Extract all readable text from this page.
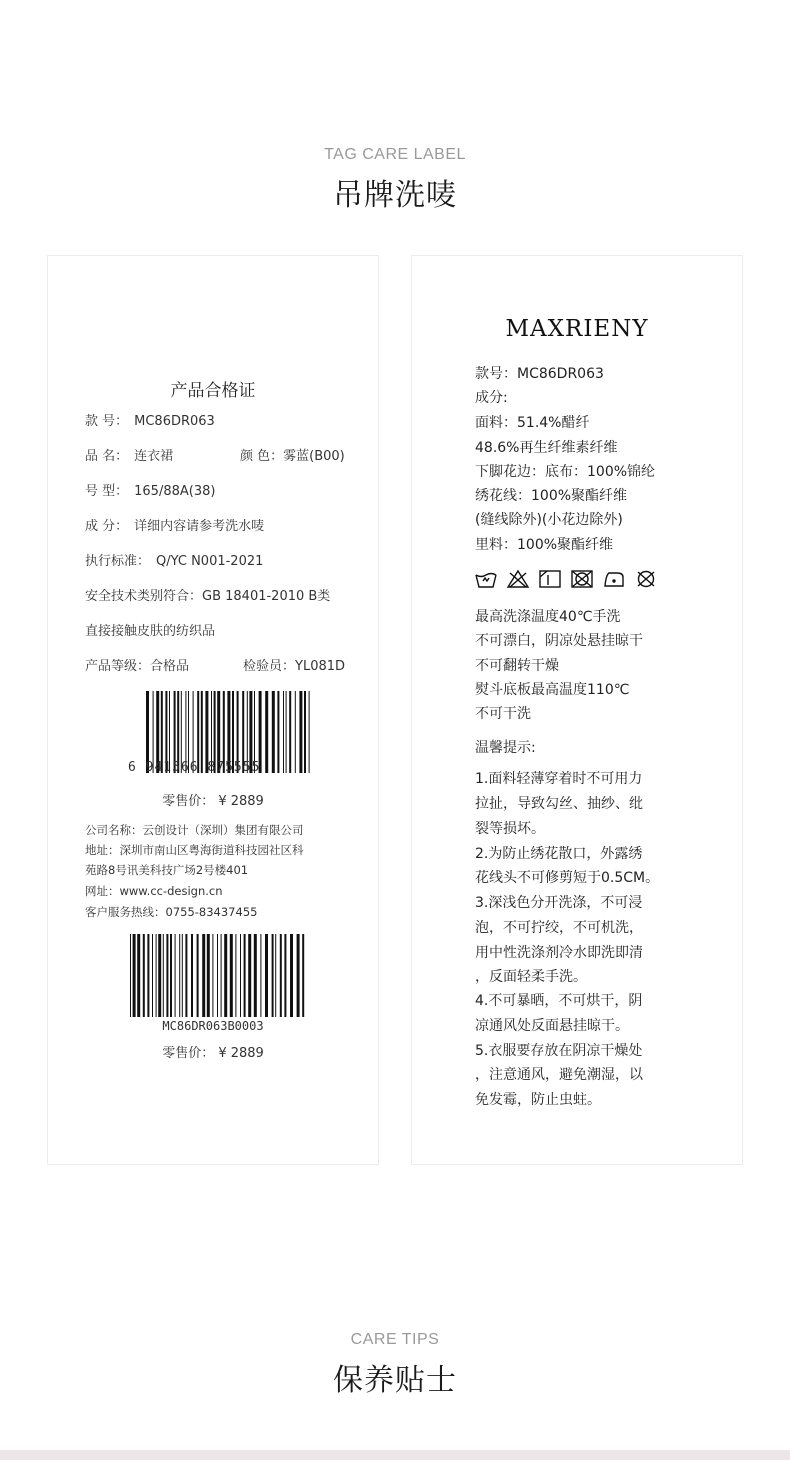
TAG CARE LABEL
吊牌洗唛
产品合格证
款 号： MC86DR063
品 名： 连衣裙	颜 色：雾蓝(B00)
号 型： 165/88A(38)
成 分： 详细内容请参考洗水唛
执行标准： Q/YC N001-2021
安全技术类别符合：GB 18401-2010 B类
直接接触皮肤的纺织品
产品等级：合格品	检验员：YL081D
6 941566 875555
零售价： ¥ 2889
公司名称：云创设计（深圳）集团有限公司
地址：深圳市南山区粤海街道科技园社区科
苑路8号讯美科技广场2号楼401
网址：www.cc-design.cn
客户服务热线：0755-83437455
MC86DR063B0003
零售价： ¥ 2889
MAXRIENY
款号：MC86DR063
成分:
面料：51.4%醋纤
48.6%再生纤维素纤维
下脚花边：底布：100%锦纶
绣花线：100%聚酯纤维
(缝线除外)(小花边除外)
里料：100%聚酯纤维
最高洗涤温度40℃手洗
不可漂白，阴凉处悬挂晾干
不可翻转干燥
熨斗底板最高温度110℃
不可干洗
温馨提示:
1.面料轻薄穿着时不可用力
拉扯，导致勾丝、抽纱、纰
裂等损坏。
2.为防止绣花散口，外露绣
花线头不可修剪短于0.5CM。
3.深浅色分开洗涤，不可浸
泡，不可拧绞，不可机洗，
用中性洗涤剂冷水即洗即清
，反面轻柔手洗。
4.不可暴晒，不可烘干，阴
凉通风处反面悬挂晾干。
5.衣服要存放在阴凉干燥处
，注意通风，避免潮湿，以
免发霉，防止虫蛀。
CARE TIPS
保养贴士
